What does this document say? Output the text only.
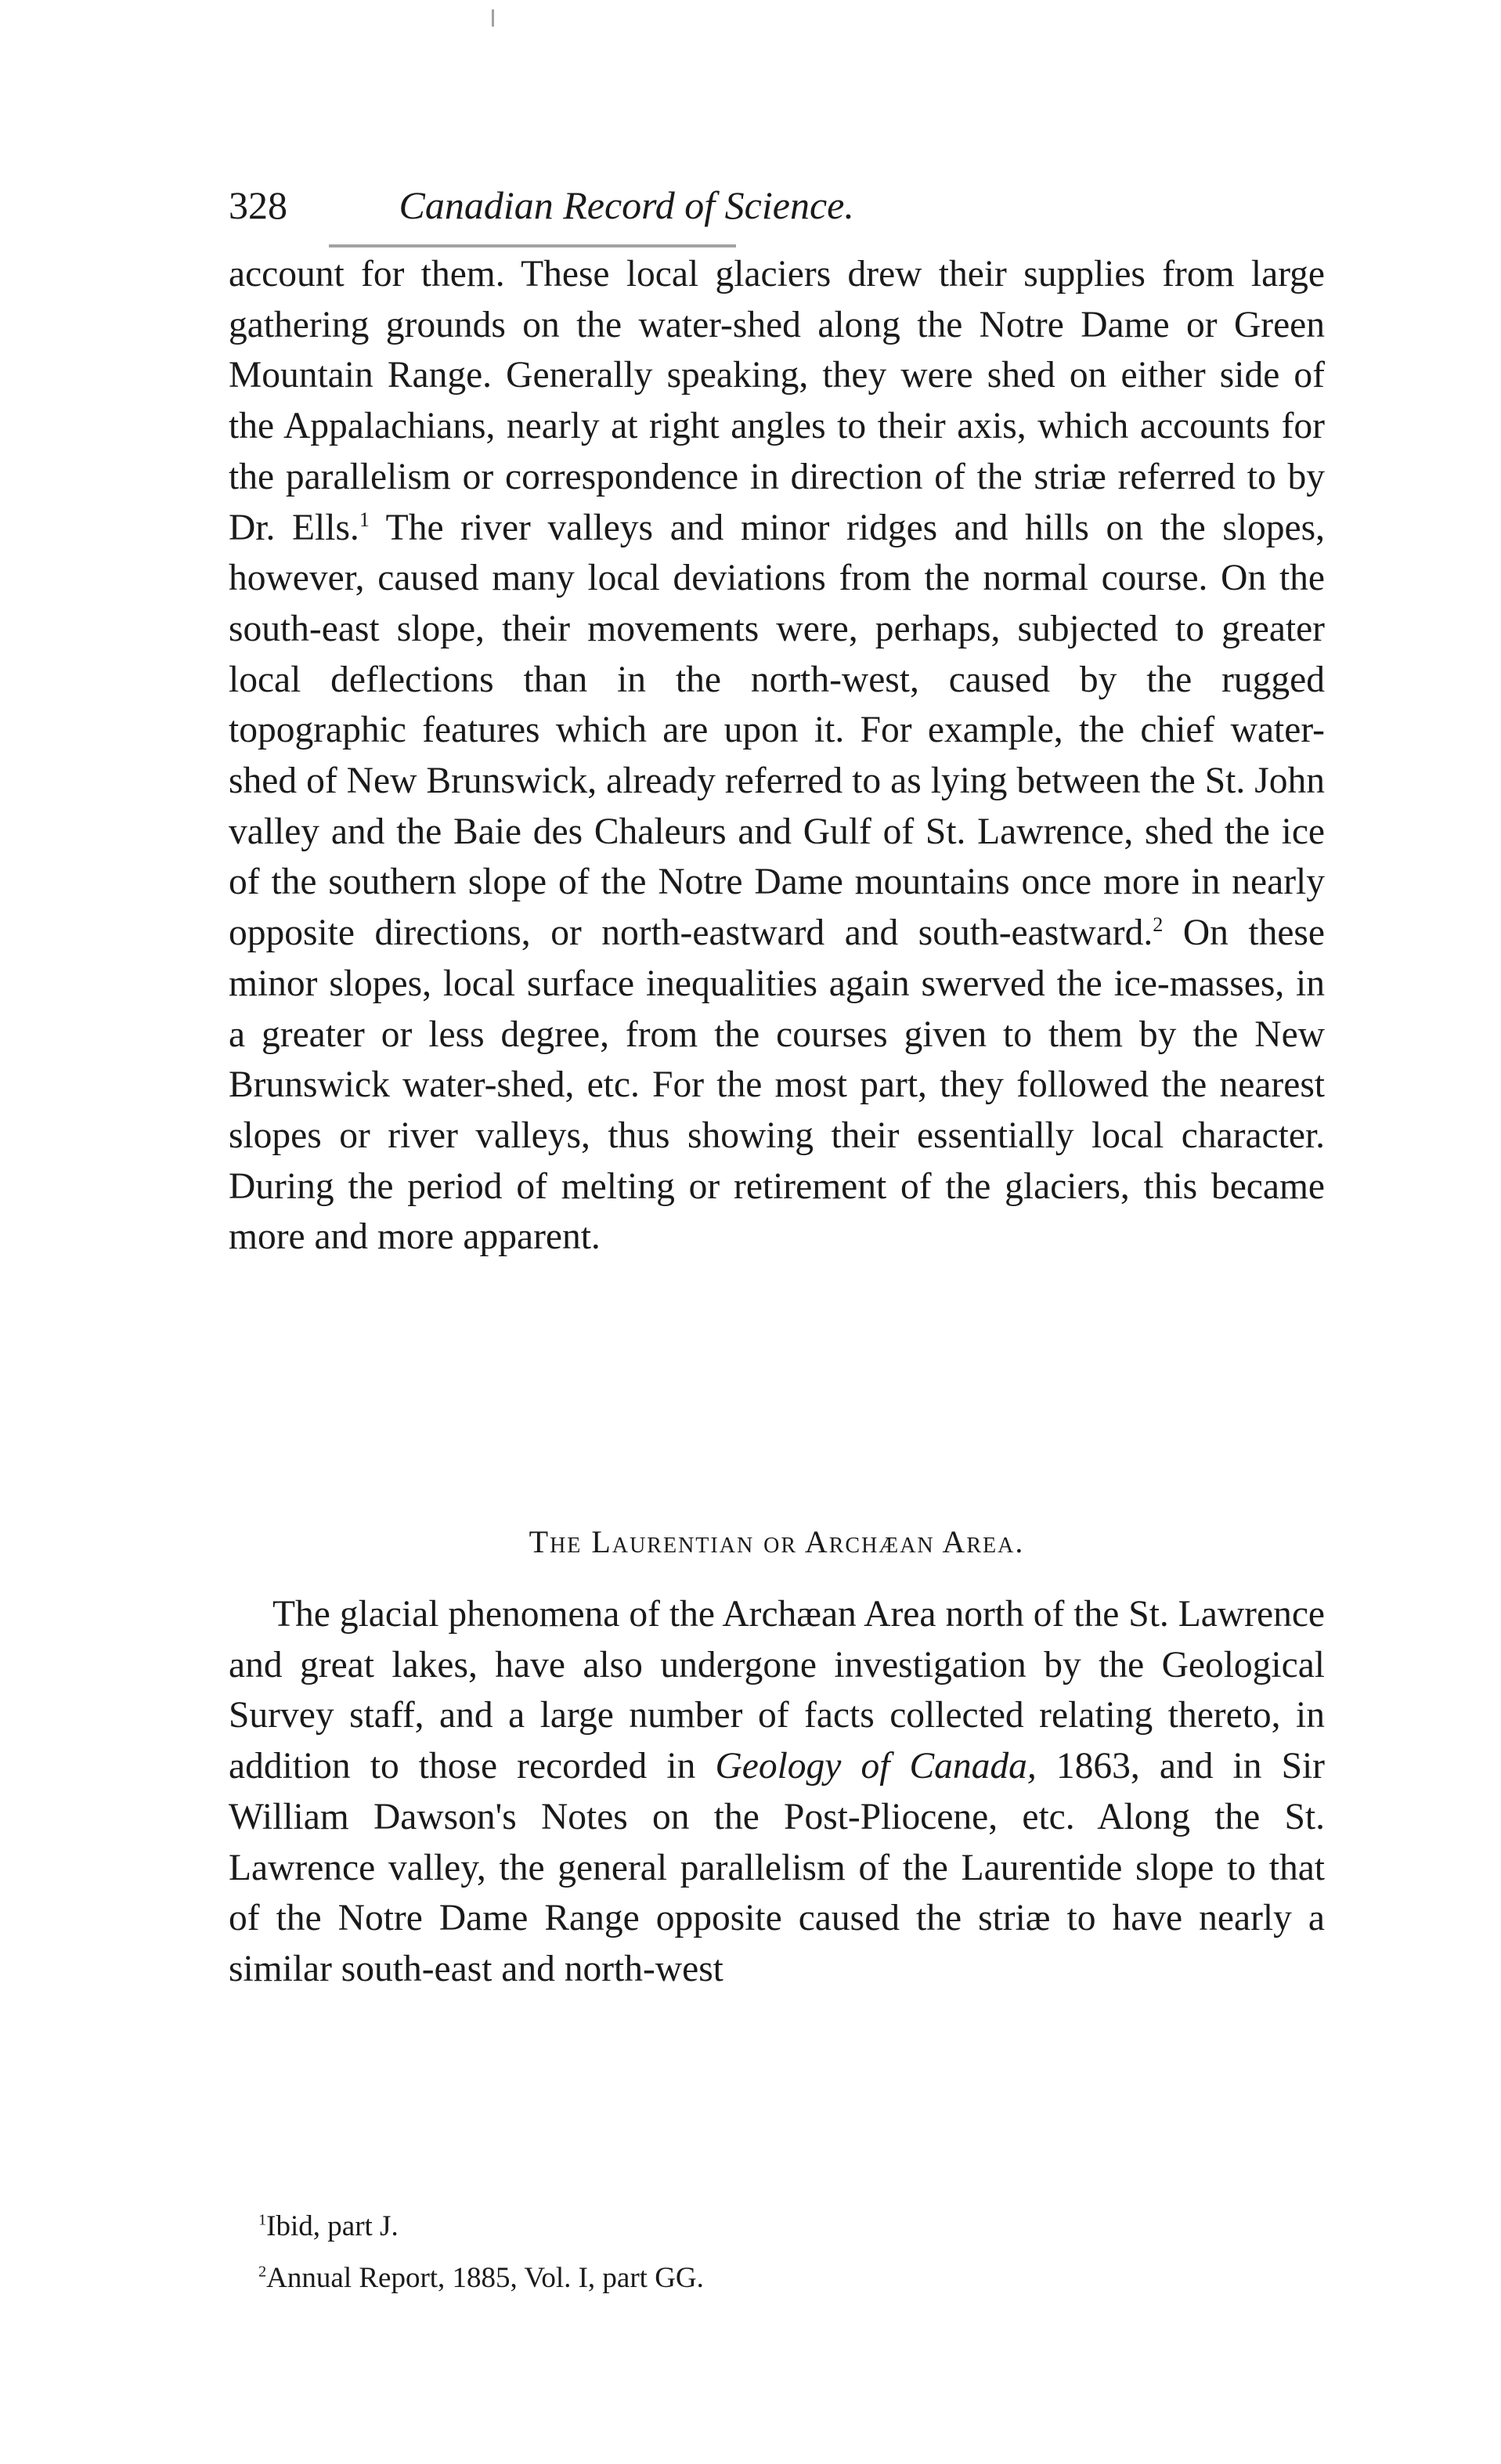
328	Canadian Record of Science.

account for them. These local glaciers drew their supplies from large gathering grounds on the water-shed along the Notre Dame or Green Mountain Range. Generally speaking, they were shed on either side of the Appalachians, nearly at right angles to their axis, which accounts for the parallelism or correspondence in direction of the striæ referred to by Dr. Ells.$^1$ The river valleys and minor ridges and hills on the slopes, however, caused many local deviations from the normal course. On the south-east slope, their movements were, perhaps, subjected to greater local deflections than in the north-west, caused by the rugged topographic features which are upon it. For example, the chief water-shed of New Brunswick, already referred to as lying between the St. John valley and the Baie des Chaleurs and Gulf of St. Lawrence, shed the ice of the southern slope of the Notre Dame mountains once more in nearly opposite directions, or north-eastward and south-eastward.$^2$ On these minor slopes, local surface inequalities again swerved the ice-masses, in a greater or less degree, from the courses given to them by the New Brunswick water-shed, etc. For the most part, they followed the nearest slopes or river valleys, thus showing their essentially local character. During the period of melting or retirement of the glaciers, this became more and more apparent.

The Laurentian or Archæan Area.

The glacial phenomena of the Archæan Area north of the St. Lawrence and great lakes, have also undergone investigation by the Geological Survey staff, and a large number of facts collected relating thereto, in addition to those recorded in Geology of Canada, 1863, and in Sir William Dawson's Notes on the Post-Pliocene, etc. Along the St. Lawrence valley, the general parallelism of the Laurentide slope to that of the Notre Dame Range opposite caused the striæ to have nearly a similar south-east and north-west

$^1$Ibid, part J.
$^2$Annual Report, 1885, Vol. I, part GG.
